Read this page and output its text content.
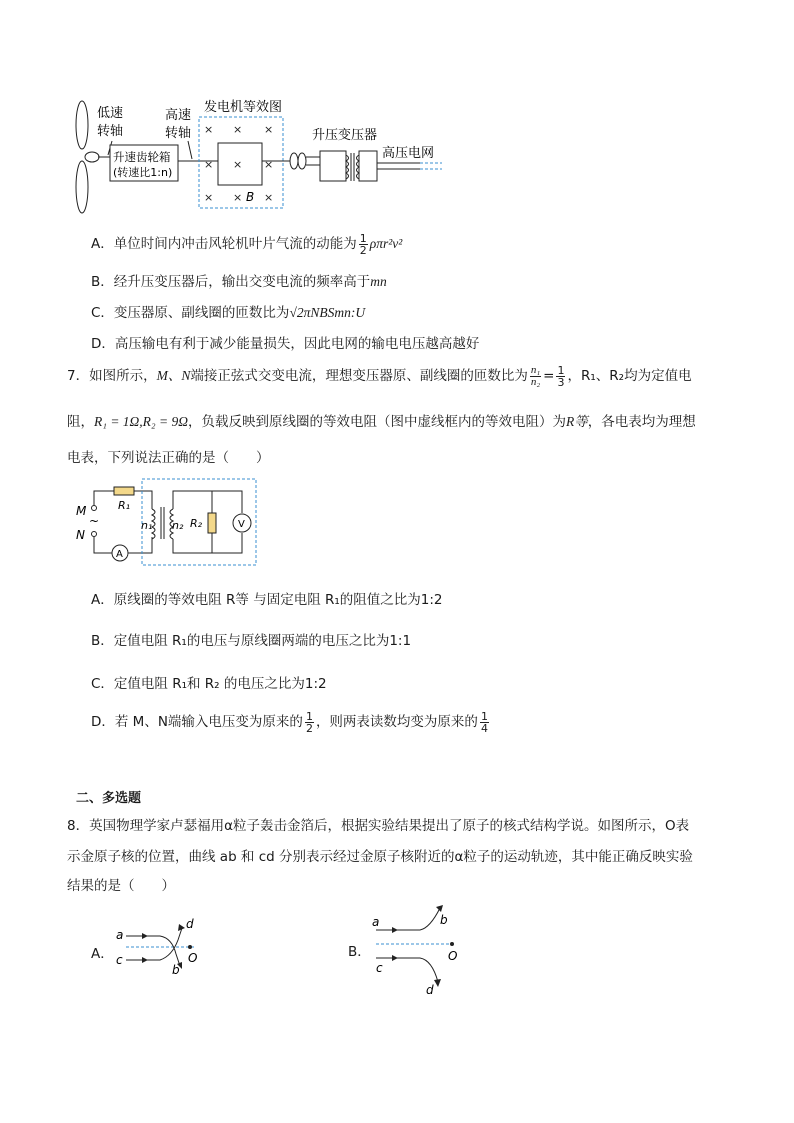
低速
转轴
升速齿轮箱
(转速比1:n)
高速
转轴
发电机等效图
× × ×
× × ×
× × ×
B
升压变压器
高压电网
A．单位时间内冲击风轮机叶片气流的动能为 $\frac{1}{2} \rho\pi r^2v^2$
B．经升压变压器后，输出交变电流的频率高于mn
C．变压器原、副线圈的匝数比为√2πNBSmn:U
D．高压输电有利于减少能量损失，因此电网的输电电压越高越好
7．如图所示，M、N端接正弦式交变电流，理想变压器原、副线圈的匝数比为 $\frac{\text{n₁}}{\text{n₂}} = \frac{1}{3}$ ，R₁、R₂均为定值电
阻，R₁ = 1Ω,R₂ = 9Ω，负载反映到原线圈的等效电阻（图中虚线框内的等效电阻）为R等，各电表均为理想
电表，下列说法正确的是（　　）
M
~
N
R₁
n₁ n₂ R₂
A
V
A．原线圈的等效电阻 R等 与固定电阻 R₁的阻值之比为1:2
B．定值电阻 R₁的电压与原线圈两端的电压之比为1:1
C．定值电阻 R₁和 R₂ 的电压之比为1:2
D．若 M、N端输入电压变为原来的 $\frac{1}{2}$ ，则两表读数均变为原来的 $\frac{1}{4}$
二、多选题
8．英国物理学家卢瑟福用α粒子轰击金箔后，根据实验结果提出了原子的核式结构学说。如图所示，O表
示金原子核的位置，曲线 ab 和 cd 分别表示经过金原子核附近的α粒子的运动轨迹，其中能正确反映实验
结果的是（　　）
A．
a
c
d
b
O	B．
a
c
b
d
O
